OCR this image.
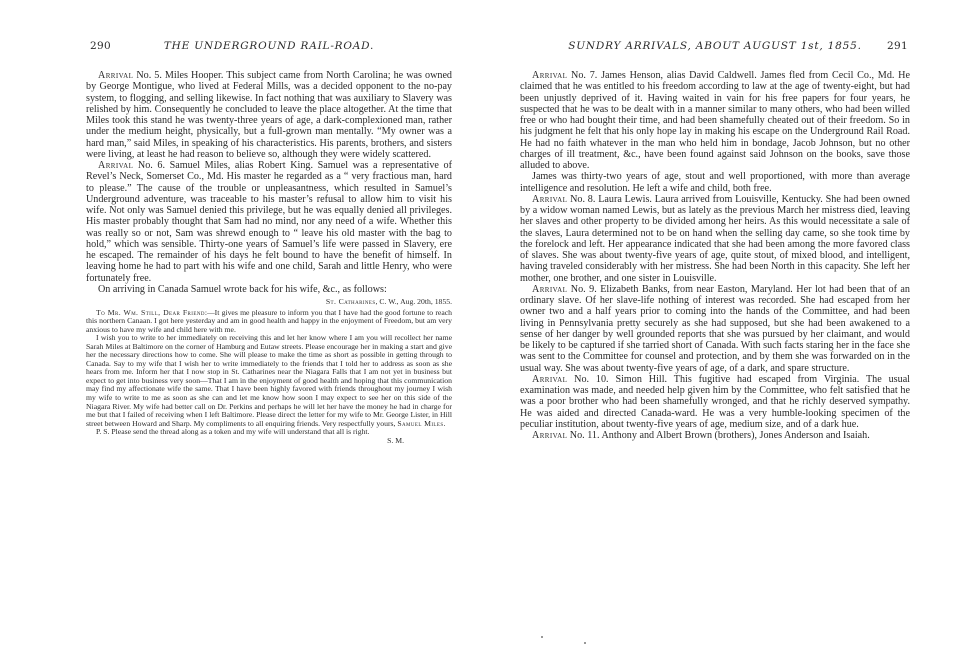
290	THE UNDERGROUND RAIL-ROAD.

Arrival No. 5. Miles Hooper. This subject came from North Carolina; he was owned by George Montigue, who lived at Federal Mills, was a decided opponent to the no-pay system, to flogging, and selling likewise. In fact nothing that was auxiliary to Slavery was relished by him. Consequently he concluded to leave the place altogether. At the time that Miles took this stand he was twenty-three years of age, a dark-complexioned man, rather under the medium height, physically, but a full-grown man mentally. “My owner was a hard man,” said Miles, in speaking of his characteristics. His parents, brothers, and sisters were living, at least he had reason to believe so, although they were widely scattered.

Arrival No. 6. Samuel Miles, alias Robert King. Samuel was a representative of Revel’s Neck, Somerset Co., Md. His master he regarded as a “ very fractious man, hard to please.” The cause of the trouble or unpleasantness, which resulted in Samuel’s Underground adventure, was traceable to his master’s refusal to allow him to visit his wife. Not only was Samuel denied this privilege, but he was equally denied all privileges. His master probably thought that Sam had no mind, nor any need of a wife. Whether this was really so or not, Sam was shrewd enough to “ leave his old master with the bag to hold,” which was sensible. Thirty-one years of Samuel’s life were passed in Slavery, ere he escaped. The remainder of his days he felt bound to have the benefit of himself. In leaving home he had to part with his wife and one child, Sarah and little Henry, who were fortunately free.

On arriving in Canada Samuel wrote back for his wife, &c., as follows:

St. Catharines, C. W., Aug. 20th, 1855.

To Mr. Wm. Still, Dear Friend:—It gives me pleasure to inform you that I have had the good fortune to reach this northern Canaan. I got here yesterday and am in good health and happy in the enjoyment of Freedom, but am very anxious to have my wife and child here with me.

I wish you to write to her immediately on receiving this and let her know where I am you will recollect her name Sarah Miles at Baltimore on the corner of Hamburg and Eutaw streets. Please encourage her in making a start and give her the necessary directions how to come. She will please to make the time as short as possible in getting through to Canada. Say to my wife that I wish her to write immediately to the friends that I told her to address as soon as she hears from me. Inform her that I now stop in St. Catharines near the Niagara Falls that I am not yet in business but expect to get into business very soon—That I am in the enjoyment of good health and hoping that this communication may find my affectionate wife the same. That I have been highly favored with friends throughout my journey I wish my wife to write to me as soon as she can and let me know how soon I may expect to see her on this side of the Niagara River. My wife had better call on Dr. Perkins and perhaps he will let her have the money he had in charge for me but that I failed of receiving when I left Baltimore. Please direct the letter for my wife to Mr. George Lister, in Hill street between Howard and Sharp. My compliments to all enquiring friends. Very respectfully yours, Samuel Miles.

P. S. Please send the thread along as a token and my wife will understand that all is right.

S. M.

SUNDRY ARRIVALS, ABOUT AUGUST 1st, 1855.	291

Arrival No. 7. James Henson, alias David Caldwell. James fled from Cecil Co., Md. He claimed that he was entitled to his freedom according to law at the age of twenty-eight, but had been unjustly deprived of it. Having waited in vain for his free papers for four years, he suspected that he was to be dealt with in a manner similar to many others, who had been willed free or who had bought their time, and had been shamefully cheated out of their freedom. So in his judgment he felt that his only hope lay in making his escape on the Underground Rail Road. He had no faith whatever in the man who held him in bondage, Jacob Johnson, but no other charges of ill treatment, &c., have been found against said Johnson on the books, save those alluded to above.

James was thirty-two years of age, stout and well proportioned, with more than average intelligence and resolution. He left a wife and child, both free.

Arrival No. 8. Laura Lewis. Laura arrived from Louisville, Kentucky. She had been owned by a widow woman named Lewis, but as lately as the previous March her mistress died, leaving her slaves and other property to be divided among her heirs. As this would necessitate a sale of the slaves, Laura determined not to be on hand when the selling day came, so she took time by the forelock and left. Her appearance indicated that she had been among the more favored class of slaves. She was about twenty-five years of age, quite stout, of mixed blood, and intelligent, having traveled considerably with her mistress. She had been North in this capacity. She left her mother, one brother, and one sister in Louisville.

Arrival No. 9. Elizabeth Banks, from near Easton, Maryland. Her lot had been that of an ordinary slave. Of her slave-life nothing of interest was recorded. She had escaped from her owner two and a half years prior to coming into the hands of the Committee, and had been living in Pennsylvania pretty securely as she had supposed, but she had been awakened to a sense of her danger by well grounded reports that she was pursued by her claimant, and would be likely to be captured if she tarried short of Canada. With such facts staring her in the face she was sent to the Committee for counsel and protection, and by them she was forwarded on in the usual way. She was about twenty-five years of age, of a dark, and spare structure.

Arrival No. 10. Simon Hill. This fugitive had escaped from Virginia. The usual examination was made, and needed help given him by the Committee, who felt satisfied that he was a poor brother who had been shamefully wronged, and that he richly deserved sympathy. He was aided and directed Canada-ward. He was a very humble-looking specimen of the peculiar institution, about twenty-five years of age, medium size, and of a dark hue.

Arrival No. 11. Anthony and Albert Brown (brothers), Jones Anderson and Isaiah.
